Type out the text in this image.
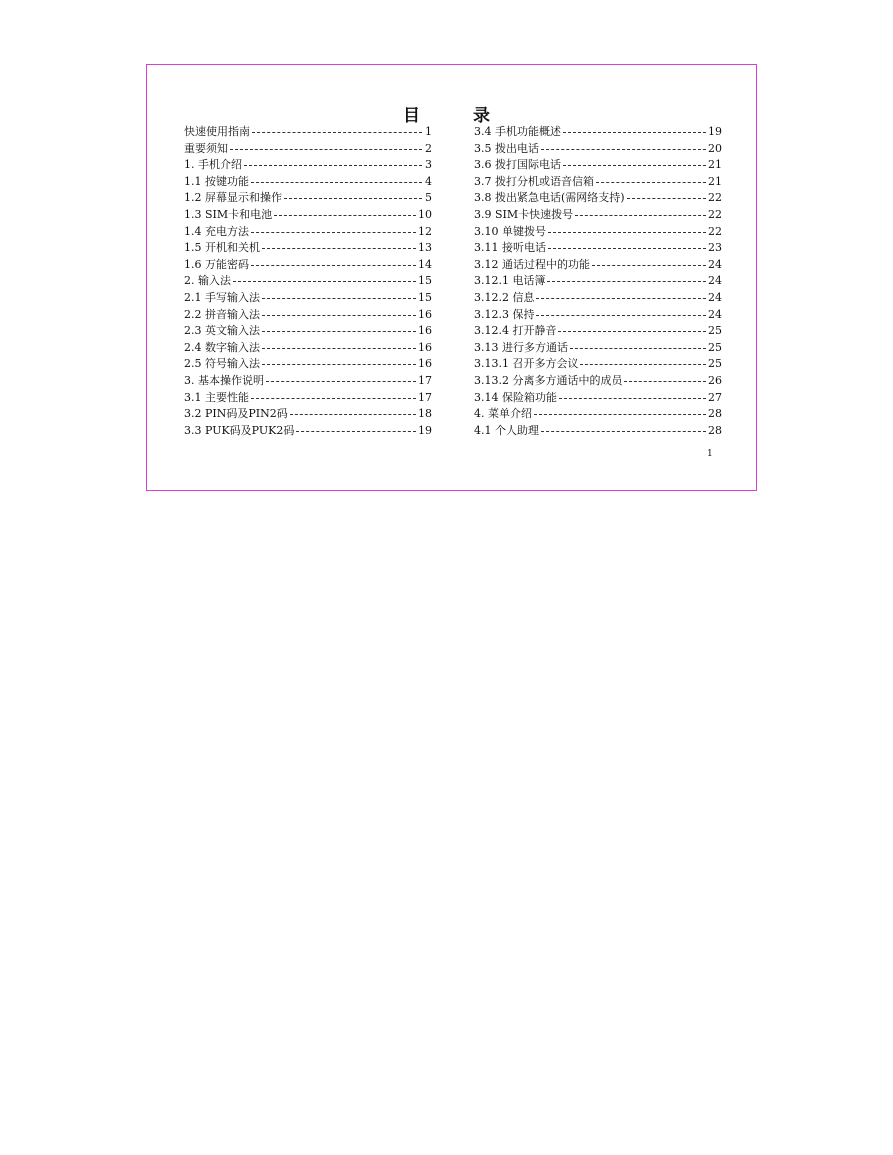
目　录
快速使用指南	1
重要须知	2
1. 手机介绍	3
1.1 按键功能	4
1.2 屏幕显示和操作	5
1.3 SIM卡和电池	10
1.4 充电方法	12
1.5 开机和关机	13
1.6 万能密码	14
2. 输入法	15
2.1 手写输入法	15
2.2 拼音输入法	16
2.3 英文输入法	16
2.4 数字输入法	16
2.5 符号输入法	16
3. 基本操作说明	17
3.1 主要性能	17
3.2 PIN码及PIN2码	18
3.3 PUK码及PUK2码	19
3.4 手机功能概述	19
3.5 拨出电话	20
3.6 拨打国际电话	21
3.7 拨打分机或语音信箱	21
3.8 拨出紧急电话(需网络支持)	22
3.9 SIM卡快速拨号	22
3.10 单键拨号	22
3.11 接听电话	23
3.12 通话过程中的功能	24
3.12.1 电话簿	24
3.12.2 信息	24
3.12.3 保持	24
3.12.4 打开静音	25
3.13 进行多方通话	25
3.13.1 召开多方会议	25
3.13.2 分离多方通话中的成员	26
3.14 保险箱功能	27
4. 菜单介绍	28
4.1 个人助理	28
1
